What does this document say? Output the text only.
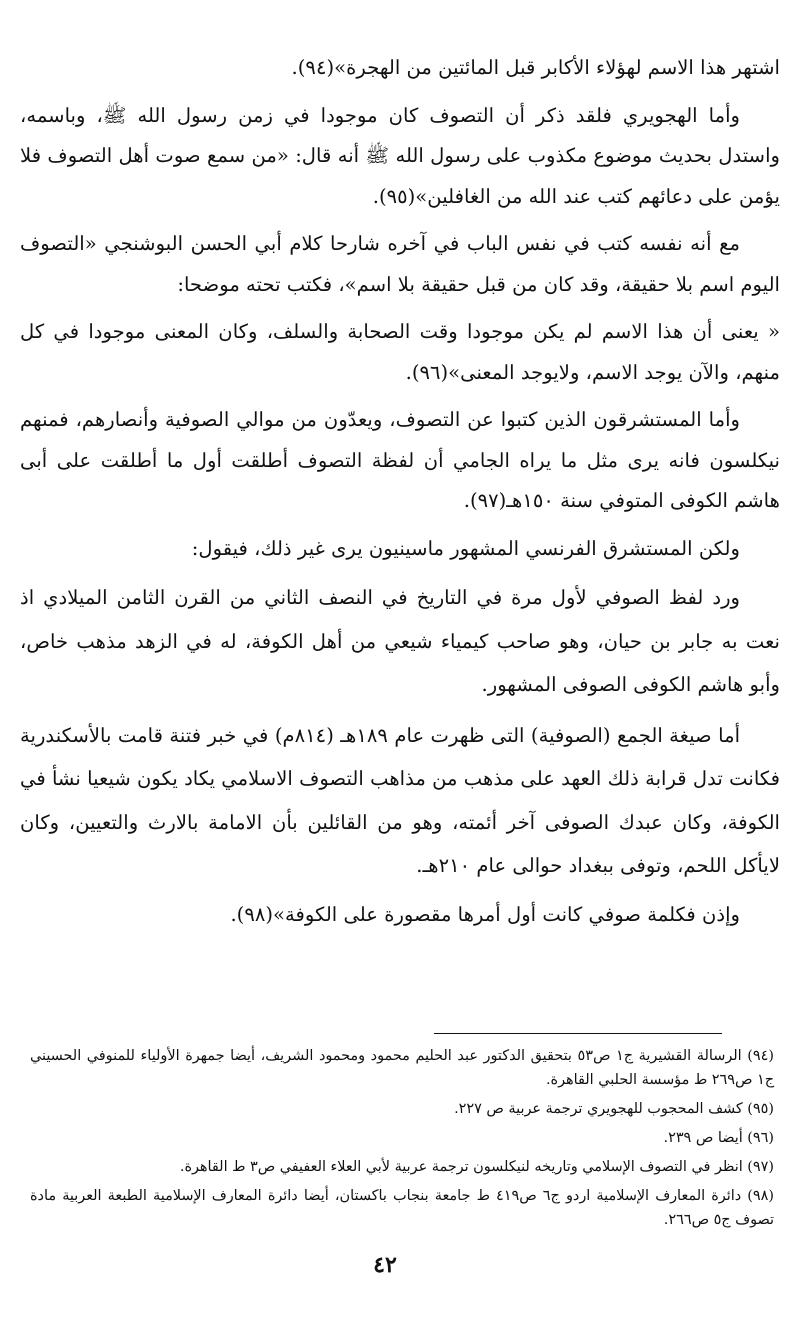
اشتهر هذا الاسم لهؤلاء الأكابر قبل المائتين من الهجرة»(٩٤).

وأما الهجويري فلقد ذكر أن التصوف كان موجودا في زمن رسول الله ﷺ، وباسمه، واستدل بحديث موضوع مكذوب على رسول الله ﷺ أنه قال: «من سمع صوت أهل التصوف فلا يؤمن على دعائهم كتب عند الله من الغافلين»(٩٥).

مع أنه نفسه كتب في نفس الباب في آخره شارحا كلام أبي الحسن البوشنجي «التصوف اليوم اسم بلا حقيقة، وقد كان من قبل حقيقة بلا اسم»، فكتب تحته موضحا:

« يعنى أن هذا الاسم لم يكن موجودا وقت الصحابة والسلف، وكان المعنى موجودا في كل منهم، والآن يوجد الاسم، ولايوجد المعنى»(٩٦).

وأما المستشرقون الذين كتبوا عن التصوف، ويعدّون من موالي الصوفية وأنصارهم، فمنهم نيكلسون فانه يرى مثل ما يراه الجامي أن لفظة التصوف أطلقت أول ما أطلقت على أبى هاشم الكوفى المتوفي سنة ١٥٠هـ(٩٧).

ولكن المستشرق الفرنسي المشهور ماسينيون يرى غير ذلك، فيقول:

ورد لفظ الصوفي لأول مرة في التاريخ في النصف الثاني من القرن الثامن الميلادي اذ نعت به جابر بن حيان، وهو صاحب كيمياء شيعي من أهل الكوفة، له في الزهد مذهب خاص، وأبو هاشم الكوفى الصوفى المشهور.

أما صيغة الجمع (الصوفية) التى ظهرت عام ١٨٩هـ (٨١٤م) في خبر فتنة قامت بالأسكندرية فكانت تدل قرابة ذلك العهد على مذهب من مذاهب التصوف الاسلامي يكاد يكون شيعيا نشأ في الكوفة، وكان عبدك الصوفى آخر أئمته، وهو من القائلين بأن الامامة بالارث والتعيين، وكان لايأكل اللحم، وتوفى ببغداد حوالى عام ٢١٠هـ.

وإذن فكلمة صوفي كانت أول أمرها مقصورة على الكوفة»(٩٨).

(٩٤) الرسالة القشيرية ج١ ص٥٣ بتحقيق الدكتور عبد الحليم محمود ومحمود الشريف، أيضا جمهرة الأولياء للمنوفي الحسيني ج١ ص٢٦٩ ط مؤسسة الحلبي القاهرة.

(٩٥) كشف المحجوب للهجويري ترجمة عربية ص ٢٢٧.

(٩٦) أيضا ص ٢٣٩.

(٩٧) انظر في التصوف الإسلامي وتاريخه لنيكلسون ترجمة عربية لأبي العلاء العفيفي ص٣ ط القاهرة.

(٩٨) دائرة المعارف الإسلامية اردو ج٦ ص٤١٩ ط جامعة بنجاب باكستان، أيضا دائرة المعارف الإسلامية الطبعة العربية مادة تصوف ج٥ ص٢٦٦.

٤٢
